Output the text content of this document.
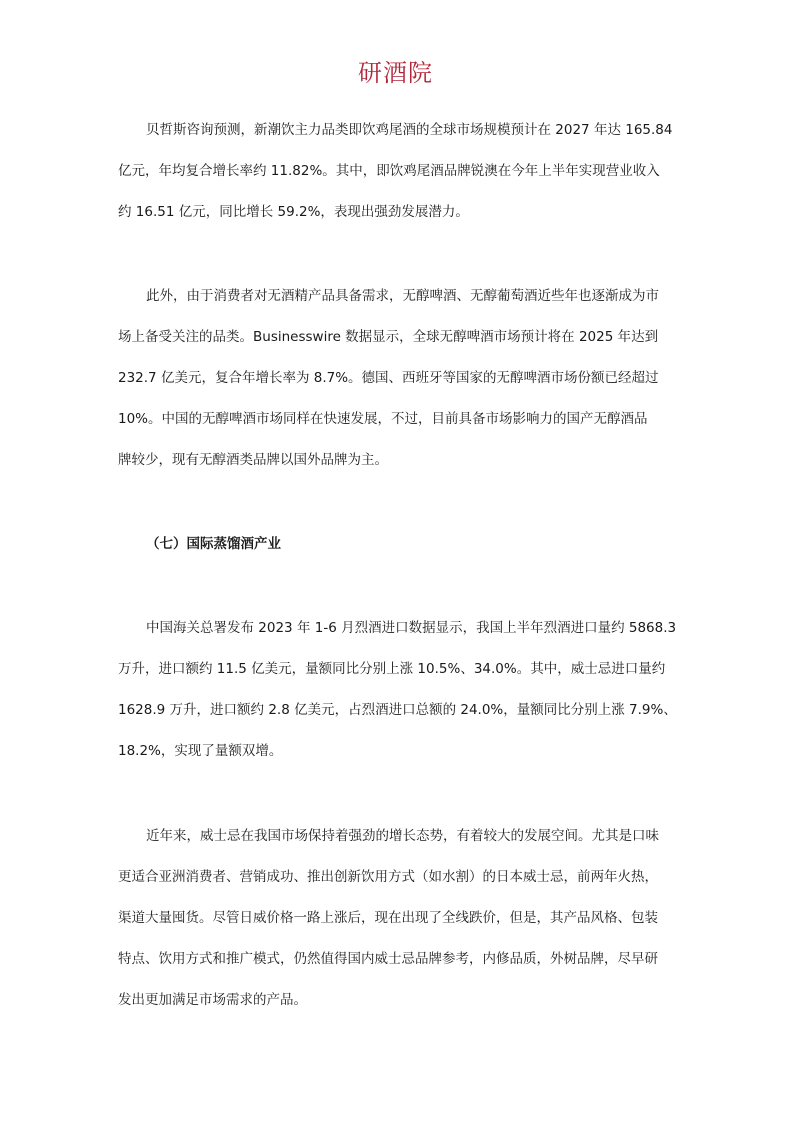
研酒院

贝哲斯咨询预测，新潮饮主力品类即饮鸡尾酒的全球市场规模预计在 2027 年达 165.84
亿元，年均复合增长率约 11.82%。其中，即饮鸡尾酒品牌锐澳在今年上半年实现营业收入
约 16.51 亿元，同比增长 59.2%，表现出强劲发展潜力。

此外，由于消费者对无酒精产品具备需求，无醇啤酒、无醇葡萄酒近些年也逐渐成为市
场上备受关注的品类。Businesswire 数据显示，全球无醇啤酒市场预计将在 2025 年达到
232.7 亿美元，复合年增长率为 8.7%。德国、西班牙等国家的无醇啤酒市场份额已经超过
10%。中国的无醇啤酒市场同样在快速发展，不过，目前具备市场影响力的国产无醇酒品
牌较少，现有无醇酒类品牌以国外品牌为主。

（七）国际蒸馏酒产业

中国海关总署发布 2023 年 1-6 月烈酒进口数据显示，我国上半年烈酒进口量约 5868.3
万升，进口额约 11.5 亿美元，量额同比分别上涨 10.5%、34.0%。其中，威士忌进口量约
1628.9 万升，进口额约 2.8 亿美元，占烈酒进口总额的 24.0%，量额同比分别上涨 7.9%、
18.2%，实现了量额双增。

近年来，威士忌在我国市场保持着强劲的增长态势，有着较大的发展空间。尤其是口味
更适合亚洲消费者、营销成功、推出创新饮用方式（如水割）的日本威士忌，前两年火热，
渠道大量囤货。尽管日威价格一路上涨后，现在出现了全线跌价，但是，其产品风格、包装
特点、饮用方式和推广模式，仍然值得国内威士忌品牌参考，内修品质，外树品牌，尽早研
发出更加满足市场需求的产品。
